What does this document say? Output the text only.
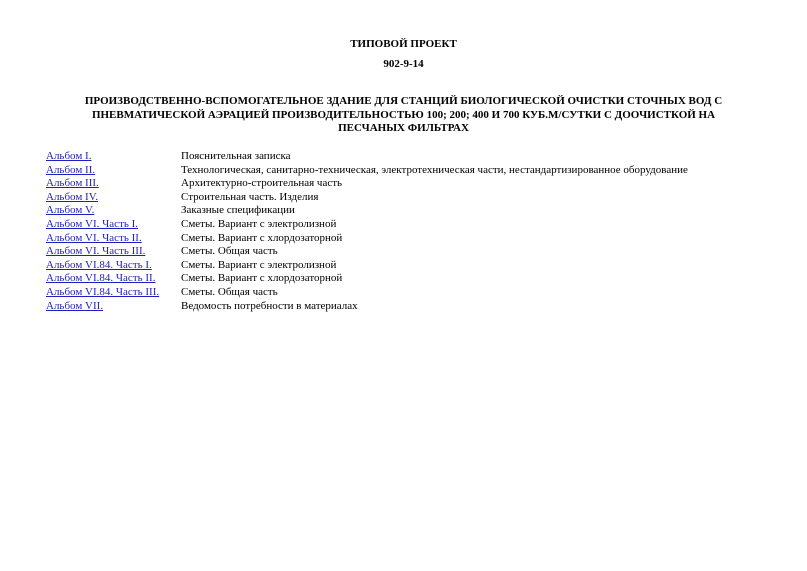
ТИПОВОЙ ПРОЕКТ
902-9-14
ПРОИЗВОДСТВЕННО-ВСПОМОГАТЕЛЬНОЕ ЗДАНИЕ ДЛЯ СТАНЦИЙ БИОЛОГИЧЕСКОЙ ОЧИСТКИ СТОЧНЫХ ВОД С ПНЕВМАТИЧЕСКОЙ АЭРАЦИЕЙ ПРОИЗВОДИТЕЛЬНОСТЬЮ 100; 200; 400 И 700 КУБ.М/СУТКИ С ДООЧИСТКОЙ НА ПЕСЧАНЫХ ФИЛЬТРАХ
Альбом I.	Пояснительная записка
Альбом II.	Технологическая, санитарно-техническая, электротехническая части, нестандартизированное оборудование
Альбом III.	Архитектурно-строительная часть
Альбом IV.	Строительная часть. Изделия
Альбом V.	Заказные спецификации
Альбом VI. Часть I.	Сметы. Вариант с электролизной
Альбом VI. Часть II.	Сметы. Вариант с хлордозаторной
Альбом VI. Часть III.	Сметы. Общая часть
Альбом VI.84. Часть I.	Сметы. Вариант с электролизной
Альбом VI.84. Часть II.	Сметы. Вариант с хлордозаторной
Альбом VI.84. Часть III.	Сметы. Общая часть
Альбом VII.	Ведомость потребности в материалах
